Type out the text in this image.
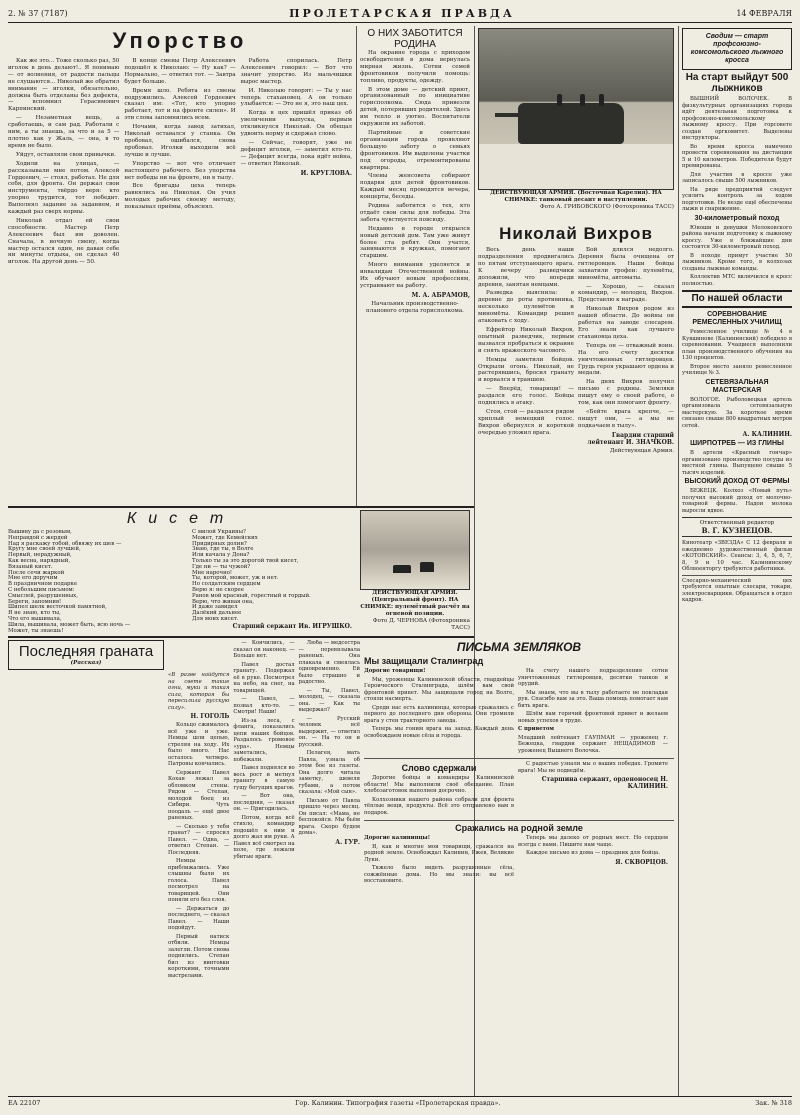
2. № 37 (7187)	ПРОЛЕТАРСКАЯ ПРАВДА	14 ФЕВРАЛЯ
Упорство

Как же это... Тоже сколько раз, 50 иголок в день делают!.. Я понимаю — от волнения, от радости пальцы не слушаются... Николай же обратил внимание — иголки, обязательно, должна быть отделаны без дефекта, — вспомнил Герасимович Карпинский.

— Незаметная вещь, а сработаешь, и сам рад. Работали с ним, а ты знаешь, за что и за 5 — плотно как у Жаль, — она, в то время не было.

Уйдут, оставляли свои привычки.

Ходили на улицах, — рассказывали мне потом. Алексей Гордеевич, — стоял, работал. Не для себя, для фронта. Он держал свои инструменты, твёрдо веря: кто упорно трудится, тот победит. Выполнял задание за заданием, и каждый раз сверх нормы.

Николай отдал ей свои способности. Мастер Петр Алексеевич был им доволен. Сначала, в ночную смену, когда мастер остался один, не давая себе ни минуты отдыха, он сделал 40 иголок. На другой день — 50.

В конце смены Петр Алексеевич подошёл к Николаю: — Ну как? — Нормально, — ответил тот. — Завтра будет больше.

Время шло. Ребята из смены подружились. Алексей Гордеевич сказал им: «Тот, кто упорно работает, тот и на фронте силен». И эти слова запомнились всем.

Ночами, когда завод затихал, Николай оставался у станка. Он пробовал, ошибался, снова пробовал. Иголки выходили всё лучше и лучше.

Упорство — вот что отличает настоящего рабочего. Без упорства нет победы ни на фронте, ни в тылу.

Все бригады цеха теперь равнялись на Николая. Он учил молодых рабочих своему методу, показывал приёмы, объяснял.

Работа спорилась. Петр Алексеевич говорил: — Вот что значит упорство. Из мальчишки вырос мастер.

И. Николаю говорят: — Ты у нас теперь стахановец. А он только улыбается: — Это не я, это наш цех.

Когда в цех пришёл приказ об увеличении выпуска, первым откликнулся Николай. Он обещал удвоить норму и сдержал слово.

— Сейчас, говорят, уже не дефицит иголки, — заметил кто-то. — Дефицит всегда, пока идёт война, — ответил Николай.

И. КРУГЛОВА.
О НИХ ЗАБОТИТСЯ РОДИНА

На окраине города с приходом освободителей в дома вернулась мирная жизнь. Сотни семей фронтовиков получили помощь: топливо, продукты, одежду.

В этом доме — детский приют, организованный по инициативе горисполкома. Сюда привезли детей, потерявших родителей. Здесь им тепло и уютно. Воспитатели окружили их заботой.

Партийные и советские организации города проявляют большую заботу о семьях фронтовиков. Им выделены участки под огороды, отремонтированы квартиры.

Члены женсовета собирают подарки для детей фронтовиков. Каждый месяц проводятся вечера, концерты, беседы.

Родина заботится о тех, кто отдаёт свои силы для победы. Эта забота чувствуется повсюду.

Недавно в городе открылся новый детский дом. Там уже живут более ста ребят. Они учатся, занимаются в кружках, помогают старшим.

Много внимания уделяется и инвалидам Отечественной войны. Их обучают новым профессиям, устраивают на работу.

М. А. АБРАМОВ,
Начальник производственно-планового отдела горисполкома.
ДЕЙСТВУЮЩАЯ АРМИЯ. (Восточная Карелия). НА СНИМКЕ: танковый десант в наступлении.
Фото А. ГРИБОВСКОГО (Фотохроника ТАСС)
Николай Вихров

Весь день наши подразделения продвигались по пятам отступающего врага. К вечеру разведчики доложили, что впереди деревня, занятая немцами.

Разведка выяснила: в деревне до роты противника, несколько пулемётов и миномёты. Командир решил атаковать с ходу.

Ефрейтор Николай Вихров, опытный разведчик, первым вызвался пробраться к окраине и снять вражеского часового.

Немцы заметили бойцов. Открыли огонь. Николай, не растерявшись, бросил гранату и ворвался в траншею.

— Вперёд, товарищи! — раздался его голос. Бойцы поднялись в атаку.

Стоя, стой — раздался рядом хриплый немецкий голос. Вихров обернулся и короткой очередью уложил врага.

Бой длился недолго. Деревня была очищена от гитлеровцев. Наши бойцы захватили трофеи: пулемёты, миномёты, автоматы.

— Хорошо, — сказал командир, — молодец, Вихров. Представлю к награде.

Николай Вихров родом из нашей области. До войны он работал на заводе слесарем. Его знали как лучшего стахановца цеха.

Теперь он — отважный воин. На его счету десятки уничтоженных гитлеровцев. Грудь героя украшают ордена и медали.

На днях Вихров получил письмо с родины. Земляки пишут ему о своей работе, о том, как они помогают фронту.

«Бейте врага крепче, — пишут они, — а мы не подкачаем в тылу».

Гвардии старший лейтенант И. ЗНАЧКОВ.
Действующая Армия.
ДЕЙСТВУЮЩАЯ АРМИЯ. (Центральный фронт). НА СНИМКЕ: пулемётный расчёт на огневой позиции.
Фото Д. ЧЕРНОВА (Фотохроника ТАСС)
Кисет
Вышиву да с розовым,
Неправдой с жердей
Над я раскажу тобой, обвяжу их шев —
Кругу мне своей лучшей,
Первый, нерадужный,
Как весна, нарядный,
Вязаный кисет.
После сечи жаркой
Мне его доручим
В праздничном подарке
С небольшим письмом:
Смыслей, разрушенных,
Береги, запомнив!
Шипел шелк весточкой памятной,
Я не знаю, кто ты,
Что его вышивала,
Шила, вышивала, может быть, всю ночь —
Может, ты знаешь!
С милой Украины?
Может, где Кемейских
Придирных долин?
Знаю, где ты, в Волге
Или качала у Дона?
Только ты за это дорогой твой кисет,
Где ни — ты чужой?
Мне нарочно!
Ты, которой, может, уж и нет.
Но солдатским сердцем
Верю я: не скорее
Ранов мой красный, горестный и гордый.
Верю, что живая она,
И даже завидел
Далёкий дальнее
Для моих кисет.
Старший сержант Ив. ИГРУШКО.
Последняя граната
(Рассказ)

«В разве найдутся на свете такие огни, муки и такая сила, которая бы пересилила русскую силу».

Н. ГОГОЛЬ

Кольцо сжималось всё уже и уже. Немцы шли цепью, стреляя на ходу. Их было много. Нас осталось четверо. Патроны кончались.

Сержант Павел Кохан лежал за обломком стены. Рядом — Степан, молодой боец из Сибири. Чуть поодаль — ещё двое раненых.

— Сколько у тебя гранат? — спросил Павел. — Одна, — ответил Степан. — Последняя.

Немцы приближались. Уже слышны были их голоса. Павел посмотрел на товарищей. Они поняли его без слов.

— Держаться до последнего, — сказал Павел. — Наши подойдут.

Первый натиск отбили. Немцы залегли. Потом снова поднялись. Степан бил из винтовки короткими, точными выстрелами.

— Кончились, — сказал он наконец. — Больше нет.

Павел достал гранату. Подержал её в руке. Посмотрел на небо, на снег, на товарищей.

— Павел, — позвал кто-то. — Смотри! Наши!

Из-за леса, с фланга, показались цепи наших бойцов. Раздалось громовое «ура». Немцы заметались, побежали.

Павел поднялся во весь рост и метнул гранату в самую гущу бегущих врагов.

— Вот она, последняя, — сказал он. — Пригодилась.

Потом, когда всё стихло, командир подошёл к ним и долго жал им руки. А Павел всё смотрел на поле, где лежали убитые враги.

Люба — медсестра — перевязывала раненых. Она плакала и смеялась одновременно. Ей было страшно и радостно.

— Ты, Павел, молодец, — сказала она. — Как ты выдержал?

— Русский человек всё выдержит, — ответил он. — На то он и русский.

Пелагея, мать Павла, узнала об этом бое из газеты. Она долго читала заметку, шевеля губами, а потом сказала: «Мой сын».

Письмо от Павла пришло через месяц. Он писал: «Мама, не беспокойся. Мы бьём врага. Скоро будем дома».

А. ГУР.
ПИСЬМА ЗЕМЛЯКОВ
Мы защищали Сталинград

Дорогие товарищи!

Мы, уроженцы Калининской области, гвардейцы Героического Сталинграда, шлём вам свой фронтовой привет. Мы защищали город на Волге, стояли насмерть.

Среди нас есть калининцы, которые сражались с первого до последнего дня обороны. Они громили врага у стен тракторного завода.

Теперь мы гоним врага на запад. Каждый день освобождаем новые сёла и города.

На счету нашего подразделения сотни уничтоженных гитлеровцев, десятки танков и орудий.

Мы знаем, что вы в тылу работаете не покладая рук. Спасибо вам за это. Ваша помощь помогает нам бить врага.

Шлём вам горячий фронтовой привет и желаем новых успехов в труде.

С приветом

Младший лейтенант ГАУПМАН — уроженец г. Бежецка, гвардии сержант НЕЩАДИМОВ — уроженец Вышнего Волочка.

Слово сдержали

Дорогие бойцы и командиры Калининской области! Мы выполнили своё обещание. План хлебозаготовок выполнен досрочно.

Колхозники нашего района собрали для фронта тёплые вещи, продукты. Всё это отправлено вам в подарок.

С радостью узнали мы о ваших победах. Громите врага! Мы не подведём.

Старшина сержант, орденоносец Н. КАЛИНИН.
Сражались на родной земле

Дорогие калининцы!

Я, как и многие мои товарищи, сражался на родной земле. Освобождал Калинин, Ржев, Великие Луки.

Тяжело было видеть разрушенные сёла, сожжённые дома. Но мы знали: вы всё восстановите.

Теперь мы далеко от родных мест. Но сердцем всегда с вами. Пишите нам чаще.

Каждое письмо из дома — праздник для бойца.

Я. СКВОРЦОВ.
Сводим — старт профсоюзно-комсомольского лыжного кросса
На старт выйдут 500 лыжников

ВЫШНИЙ ВОЛОЧЕК. В физкультурных организациях города идёт деятельная подготовка к профсоюзно-комсомольскому лыжному кроссу. При горсовете создан оргкомитет. Выделены инструкторы.

Во время кросса намечено провести соревнования на дистанции 5 и 10 километров. Победители будут премированы.

Для участия в кроссе уже записалось свыше 500 лыжников.

На ряде предприятий следует усилить контроль за ходом подготовки. Не везде ещё обеспечены лыжи и снаряжение.

30-километровый поход

Юноши и девушки Молоковского района начали подготовку к лыжному кроссу. Уже в ближайшие дни состоится 30-километровый поход.

В походе примут участие 50 лыжников. Кроме того, в колхозах созданы лыжные команды.

Коллектив МТС включился в кросс полностью.

По нашей области
СОРЕВНОВАНИЕ РЕМЕСЛЕННЫХ УЧИЛИЩ

Ремесленное училище № 4 в Кувшинове (Калининский) победило в соревновании. Учащиеся выполнили план производственного обучения на 130 процентов.

Второе место заняло ремесленное училище № 3.

СЕТЕВЯЗАЛЬНАЯ МАСТЕРСКАЯ

ВОЛОГОЕ. Рыболовецкая артель организовала сетевязальную мастерскую. За короткое время связано свыше 800 квадратных метров сетей.

А. КАЛИНИН.
ШИРПОТРЕБ — ИЗ ГЛИНЫ

В артели «Красный гончар» организовано производство посуды из местной глины. Выпущено свыше 5 тысяч изделий.

ВЫСОКИЙ ДОХОД ОТ ФЕРМЫ

БЕЖЕЦК. Колхоз «Новый путь» получил высокий доход от молочно-товарной фермы. Надои молока выросли вдвое.

Ответственный редактор
В. Г. КУЗНЕЦОВ.

Кинотеатр «ЗВЕЗДА» С 12 февраля и ежедневно художественный фильм «КОТОВСКИЙ». Сеансы: 3, 4, 5, 6, 7, 8, 9 и 10 час. Калининскому Облвоенторгу требуются работники.

Слесарно-механический цех требуются опытные слесари, токари, электросварщики. Обращаться в отдел кадров.

ЕА 22107	Гор. Калинин. Типография газеты «Пролетарская правда».	Зак. № 318
